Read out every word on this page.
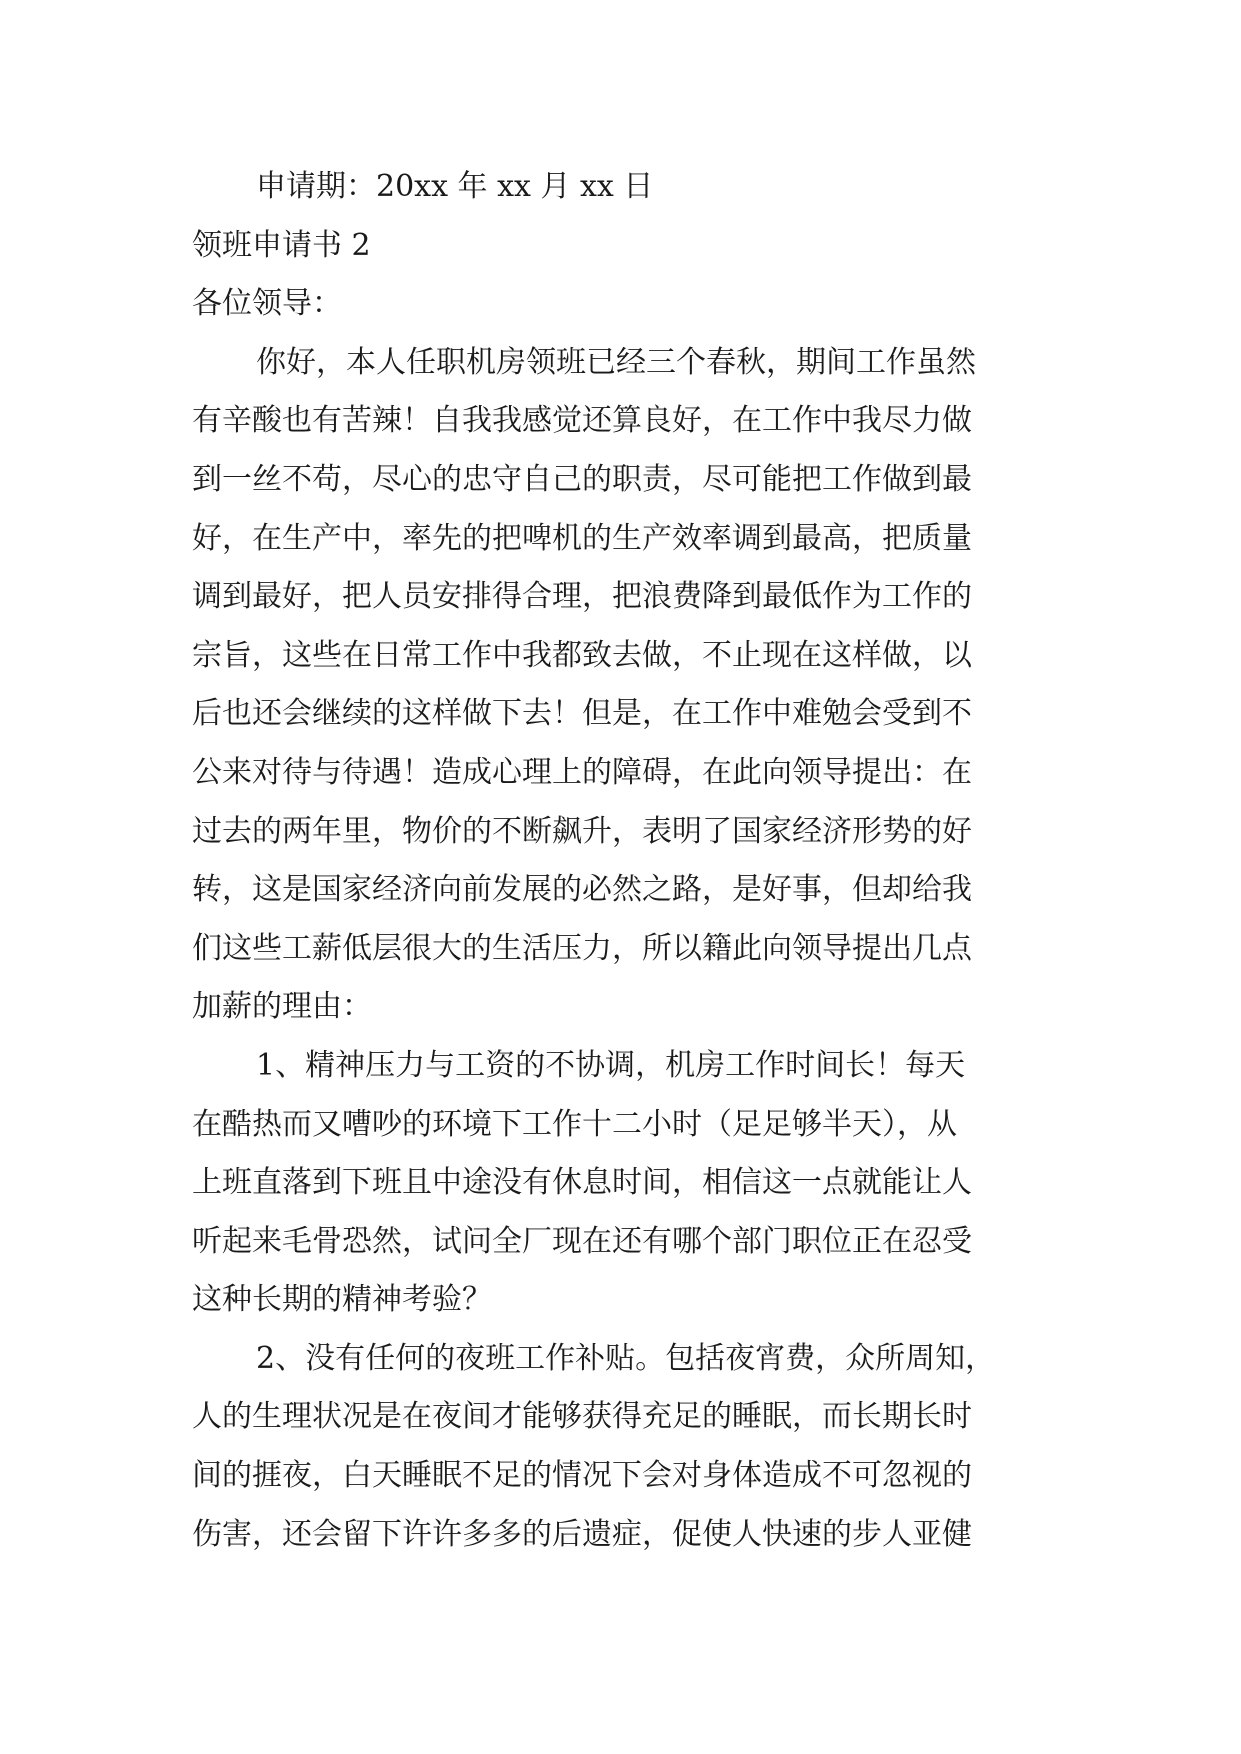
申请期：20xx 年 xx 月 xx 日
领班申请书 2
各位领导：
你好，本人任职机房领班已经三个春秋，期间工作虽然
有辛酸也有苦辣！自我我感觉还算良好，在工作中我尽力做
到一丝不苟，尽心的忠守自己的职责，尽可能把工作做到最
好，在生产中，率先的把啤机的生产效率调到最高，把质量
调到最好，把人员安排得合理，把浪费降到最低作为工作的
宗旨，这些在日常工作中我都致去做，不止现在这样做，以
后也还会继续的这样做下去！但是，在工作中难勉会受到不
公来对待与待遇！造成心理上的障碍，在此向领导提出：在
过去的两年里，物价的不断飙升，表明了国家经济形势的好
转，这是国家经济向前发展的必然之路，是好事，但却给我
们这些工薪低层很大的生活压力，所以籍此向领导提出几点
加薪的理由：
1、精神压力与工资的不协调，机房工作时间长！每天
在酷热而又嘈吵的环境下工作十二小时（足足够半天），从
上班直落到下班且中途没有休息时间，相信这一点就能让人
听起来毛骨恐然，试问全厂现在还有哪个部门职位正在忍受
这种长期的精神考验？
2、没有任何的夜班工作补贴。包括夜宵费，众所周知，
人的生理状况是在夜间才能够获得充足的睡眠，而长期长时
间的捱夜，白天睡眠不足的情况下会对身体造成不可忽视的
伤害，还会留下许许多多的后遗症，促使人快速的步人亚健
